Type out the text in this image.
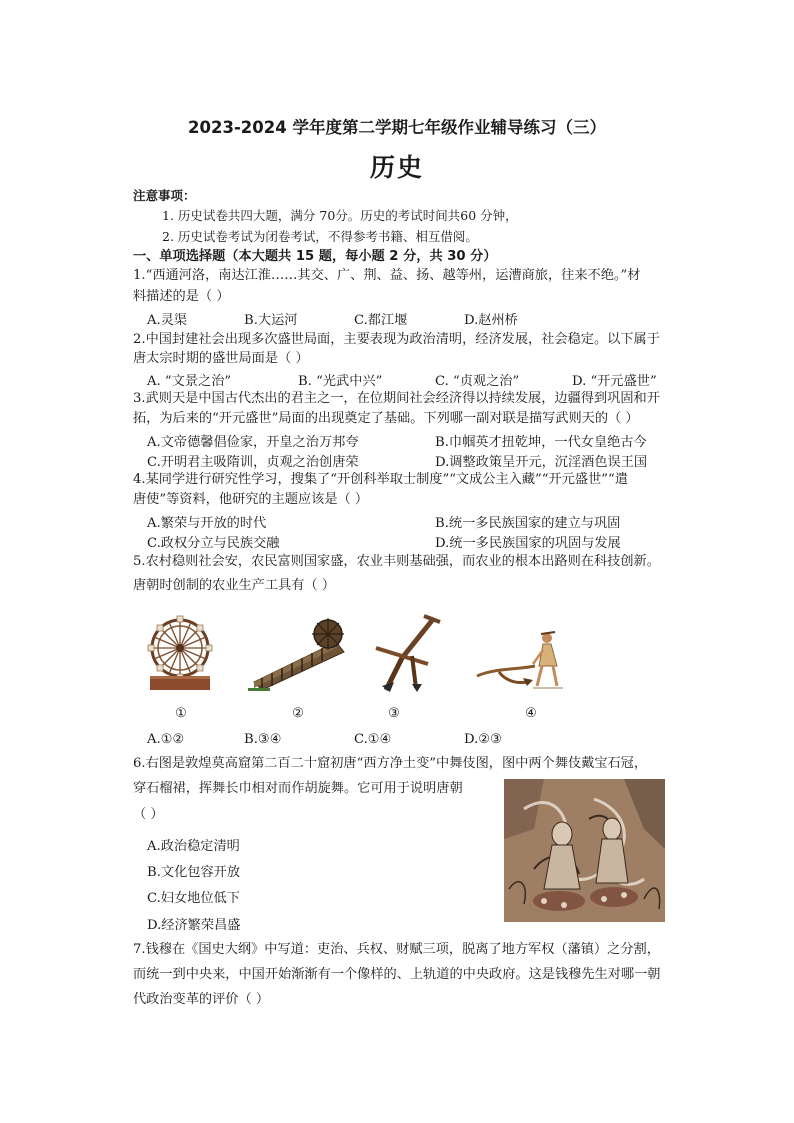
2023-2024 学年度第二学期七年级作业辅导练习（三）
历史
注意事项：
1. 历史试卷共四大题，满分 70分。历史的考试时间共60 分钟，
2. 历史试卷考试为闭卷考试，不得参考书籍、相互借阅。
一、单项选择题（本大题共 15 题，每小题 2 分，共 30 分）
1.“西通河洛，南达江淮……其交、广、荆、益、扬、越等州，运漕商旅，往来不绝。”材
料描述的是（ ）
A.灵渠	B.大运河	C.都江堰	D.赵州桥
2.中国封建社会出现多次盛世局面，主要表现为政治清明，经济发展，社会稳定。以下属于
唐太宗时期的盛世局面是（ ）
A. “文景之治”	B. “光武中兴”	C. “贞观之治”	D. “开元盛世”
3.武则天是中国古代杰出的君主之一，在位期间社会经济得以持续发展，边疆得到巩固和开
拓，为后来的“开元盛世”局面的出现奠定了基础。下列哪一副对联是描写武则天的（ ）
A.文帝德馨倡俭家，开皇之治万邦夸	B.巾帼英才扭乾坤，一代女皇绝古今
C.开明君主吸隋训，贞观之治创唐荣	D.调整政策呈开元，沉淫酒色误王国
4.某同学进行研究性学习，搜集了“开创科举取士制度”“文成公主入藏”“开元盛世”“遣
唐使”等资料，他研究的主题应该是（ ）
A.繁荣与开放的时代	B.统一多民族国家的建立与巩固
C.政权分立与民族交融	D.统一多民族国家的巩固与发展
5.农村稳则社会安，农民富则国家盛，农业丰则基础强，而农业的根本出路则在科技创新。
唐朝时创制的农业生产工具有（ ）
①	②	③	④
A.①②	B.③④	C.①④	D.②③
6.右图是敦煌莫高窟第二百二十窟初唐“西方净土变”中舞伎图，图中两个舞伎戴宝石冠，
穿石榴裙，挥舞长巾相对而作胡旋舞。它可用于说明唐朝
（ ）
A.政治稳定清明
B.文化包容开放
C.妇女地位低下
D.经济繁荣昌盛
7.钱穆在《国史大纲》中写道：吏治、兵权、财赋三项，脱离了地方军权（藩镇）之分割，
而统一到中央来，中国开始渐渐有一个像样的、上轨道的中央政府。这是钱穆先生对哪一朝
代政治变革的评价（ ）
